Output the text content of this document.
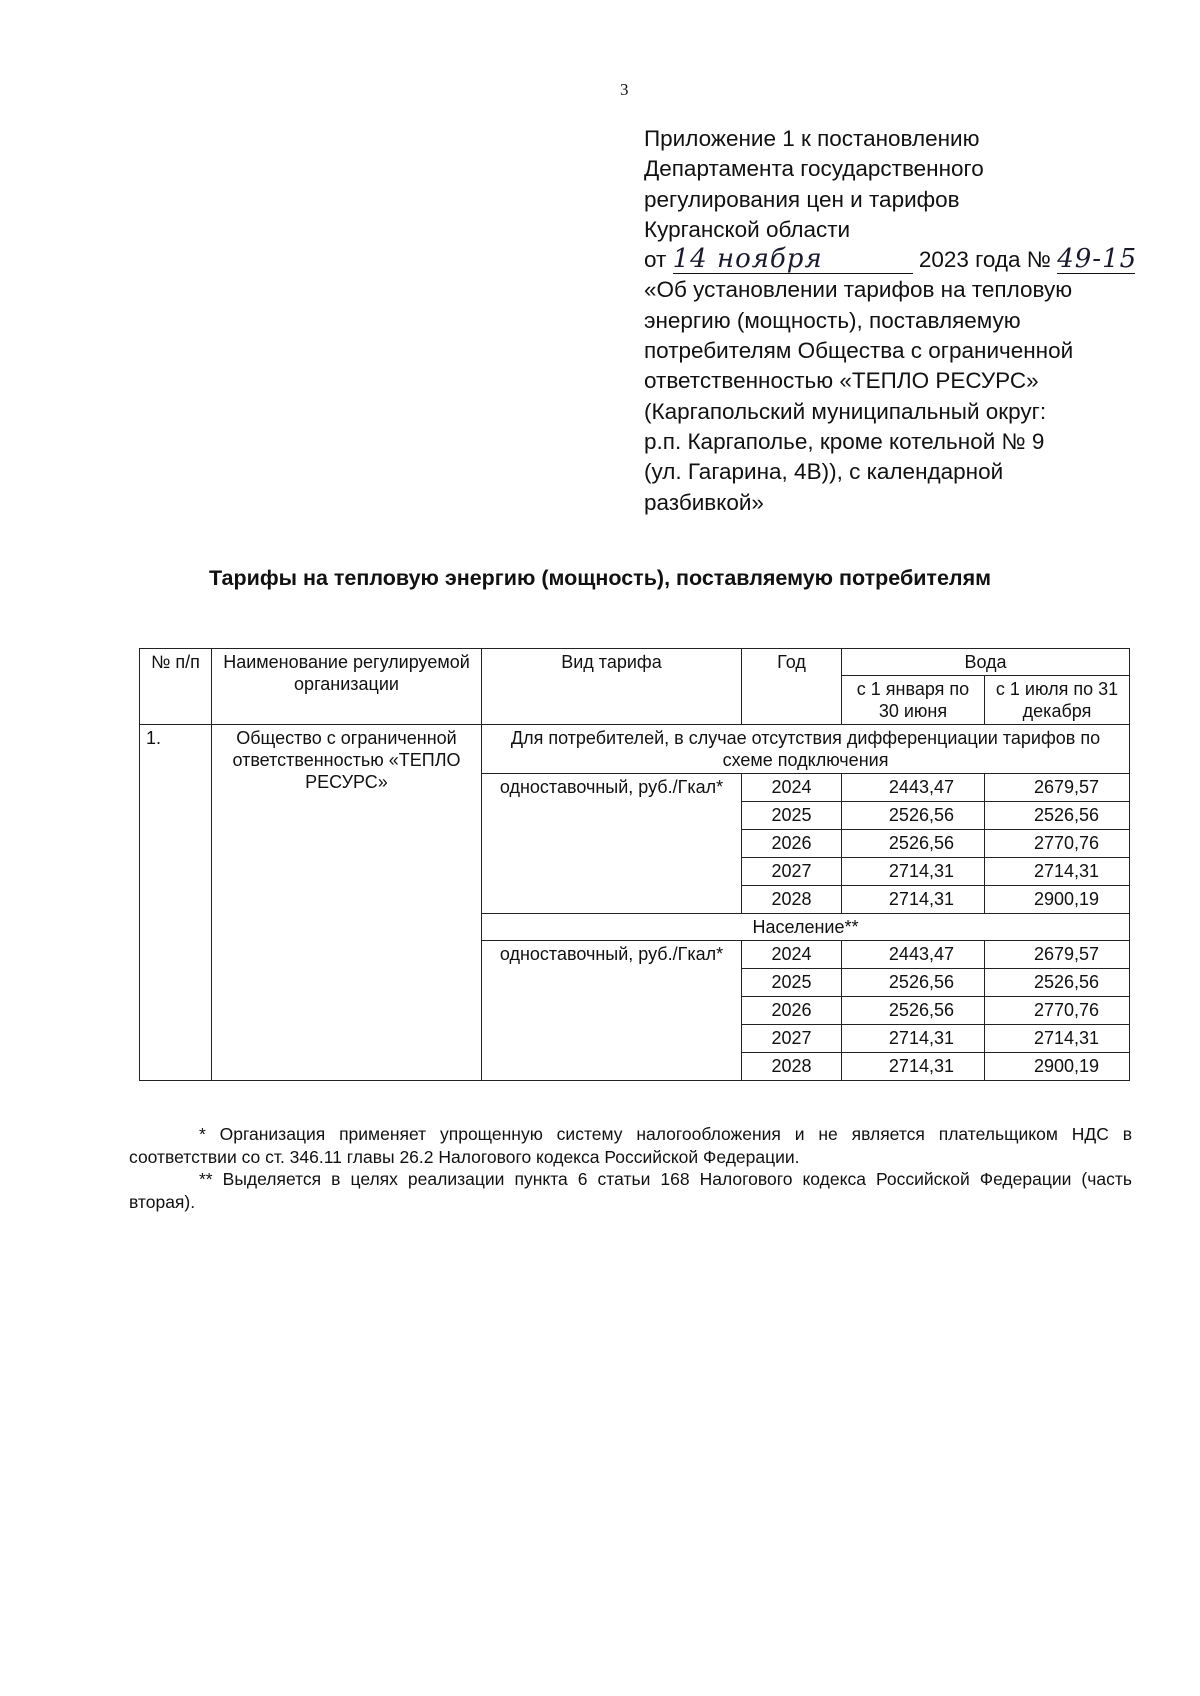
3
Приложение 1 к постановлению
Департамента государственного
регулирования цен и тарифов
Курганской области
от 14 ноября	2023 года № 49-15
«Об установлении тарифов на тепловую
энергию (мощность), поставляемую
потребителям Общества с ограниченной
ответственностью «ТЕПЛО РЕСУРС»
(Каргапольский муниципальный округ:
р.п. Каргаполье, кроме котельной № 9
(ул. Гагарина, 4В)), с календарной
разбивкой»
Тарифы на тепловую энергию (мощность), поставляемую потребителям
№ п/п	Наименование регулируемой организации	Вид тарифа	Год	Вода	
				с 1 января по 30 июня	с 1 июля по 31 декабря
1.	Общество с ограниченной ответственностью «ТЕПЛО РЕСУРС»	Для потребителей, в случае отсутствия дифференциации тарифов по схеме подключения			
		одноставочный, руб./Гкал*	2024	2443,47	2679,57
			2025	2526,56	2526,56
			2026	2526,56	2770,76
			2027	2714,31	2714,31
			2028	2714,31	2900,19
		Население**			
		одноставочный, руб./Гкал*	2024	2443,47	2679,57
			2025	2526,56	2526,56
			2026	2526,56	2770,76
			2027	2714,31	2714,31
			2028	2714,31	2900,19

* Организация применяет упрощенную систему налогообложения и не является плательщиком НДС в соответствии со ст. 346.11 главы 26.2 Налогового кодекса Российской Федерации.

** Выделяется в целях реализации пункта 6 статьи 168 Налогового кодекса Российской Федерации (часть вторая).
